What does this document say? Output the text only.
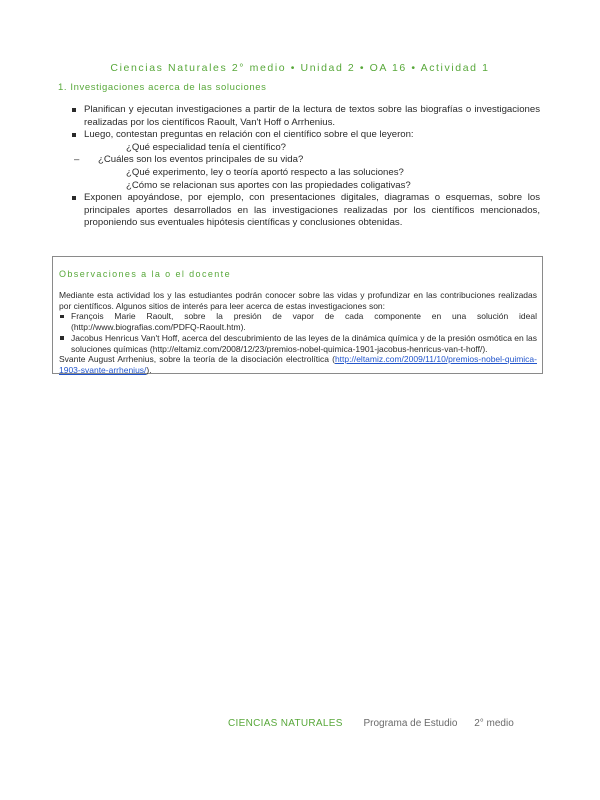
Ciencias Naturales 2° medio • Unidad 2 • OA 16 • Actividad 1
1. Investigaciones acerca de las soluciones
Planifican y ejecutan investigaciones a partir de la lectura de textos sobre las biografías o investigaciones realizadas por los científicos Raoult, Van't Hoff o Arrhenius.
Luego, contestan preguntas en relación con el científico sobre el que leyeron:
¿Qué especialidad tenía el científico?
– ¿Cuáles son los eventos principales de su vida?
¿Qué experimento, ley o teoría aportó respecto a las soluciones?
¿Cómo se relacionan sus aportes con las propiedades coligativas?
Exponen apoyándose, por ejemplo, con presentaciones digitales, diagramas o esquemas, sobre los principales aportes desarrollados en las investigaciones realizadas por los científicos mencionados, proponiendo sus eventuales hipótesis científicas y conclusiones obtenidas.
Observaciones a la o el docente

Mediante esta actividad los y las estudiantes podrán conocer sobre las vidas y profundizar en las contribuciones realizadas por científicos. Algunos sitios de interés para leer acerca de estas investigaciones son:

François Marie Raoult, sobre la presión de vapor de cada componente en una solución ideal (http://www.biografias.com/PDFQ-Raoult.htm).
Jacobus Henricus Van't Hoff, acerca del descubrimiento de las leyes de la dinámica química y de la presión osmótica en las soluciones químicas (http://eltamiz.com/2008/12/23/premios-nobel-quimica-1901-jacobus-henricus-van-t-hoff/).

Svante August Arrhenius, sobre la teoría de la disociación electrolítica (http://eltamiz.com/2009/11/10/premios-nobel-quimica-1903-svante-arrhenius/).

CIENCIAS NATURALES Programa de Estudio 2° medio
